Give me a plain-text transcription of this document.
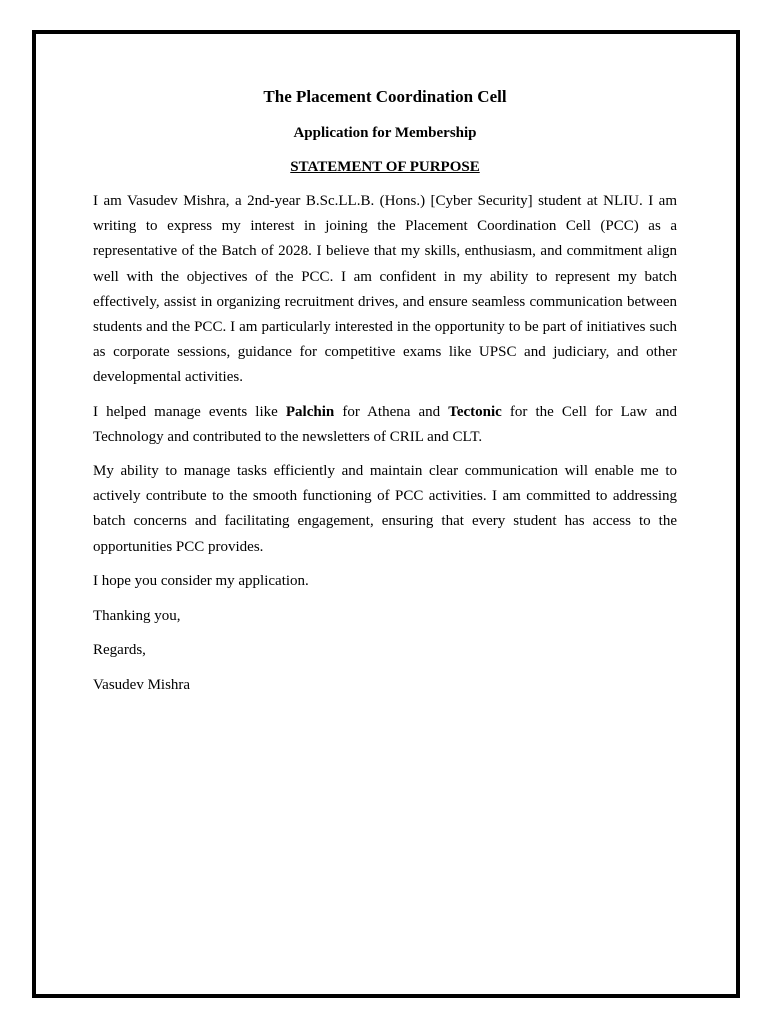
The Placement Coordination Cell
Application for Membership
STATEMENT OF PURPOSE

I am Vasudev Mishra, a 2nd-year B.Sc.LL.B. (Hons.) [Cyber Security] student at NLIU. I am writing to express my interest in joining the Placement Coordination Cell (PCC) as a representative of the Batch of 2028. I believe that my skills, enthusiasm, and commitment align well with the objectives of the PCC. I am confident in my ability to represent my batch effectively, assist in organizing recruitment drives, and ensure seamless communication between students and the PCC. I am particularly interested in the opportunity to be part of initiatives such as corporate sessions, guidance for competitive exams like UPSC and judiciary, and other developmental activities.

I helped manage events like Palchin for Athena and Tectonic for the Cell for Law and Technology and contributed to the newsletters of CRIL and CLT.

My ability to manage tasks efficiently and maintain clear communication will enable me to actively contribute to the smooth functioning of PCC activities. I am committed to addressing batch concerns and facilitating engagement, ensuring that every student has access to the opportunities PCC provides.

I hope you consider my application.

Thanking you,

Regards,

Vasudev Mishra
